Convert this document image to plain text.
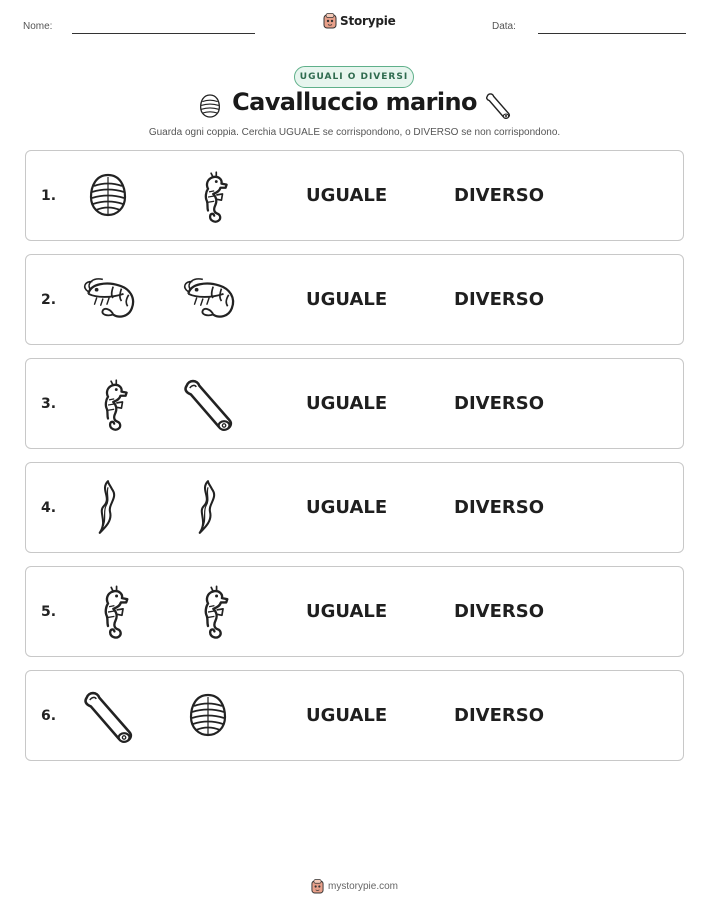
Nome:	Storypie	Data:
UGUALI O DIVERSI
Cavalluccio marino
Guarda ogni coppia. Cerchia UGUALE se corrispondono, o DIVERSO se non corrispondono.
1.	UGUALE	DIVERSO
2.	UGUALE	DIVERSO
3.	UGUALE	DIVERSO
4.	UGUALE	DIVERSO
5.	UGUALE	DIVERSO
6.	UGUALE	DIVERSO
mystorypie.com
